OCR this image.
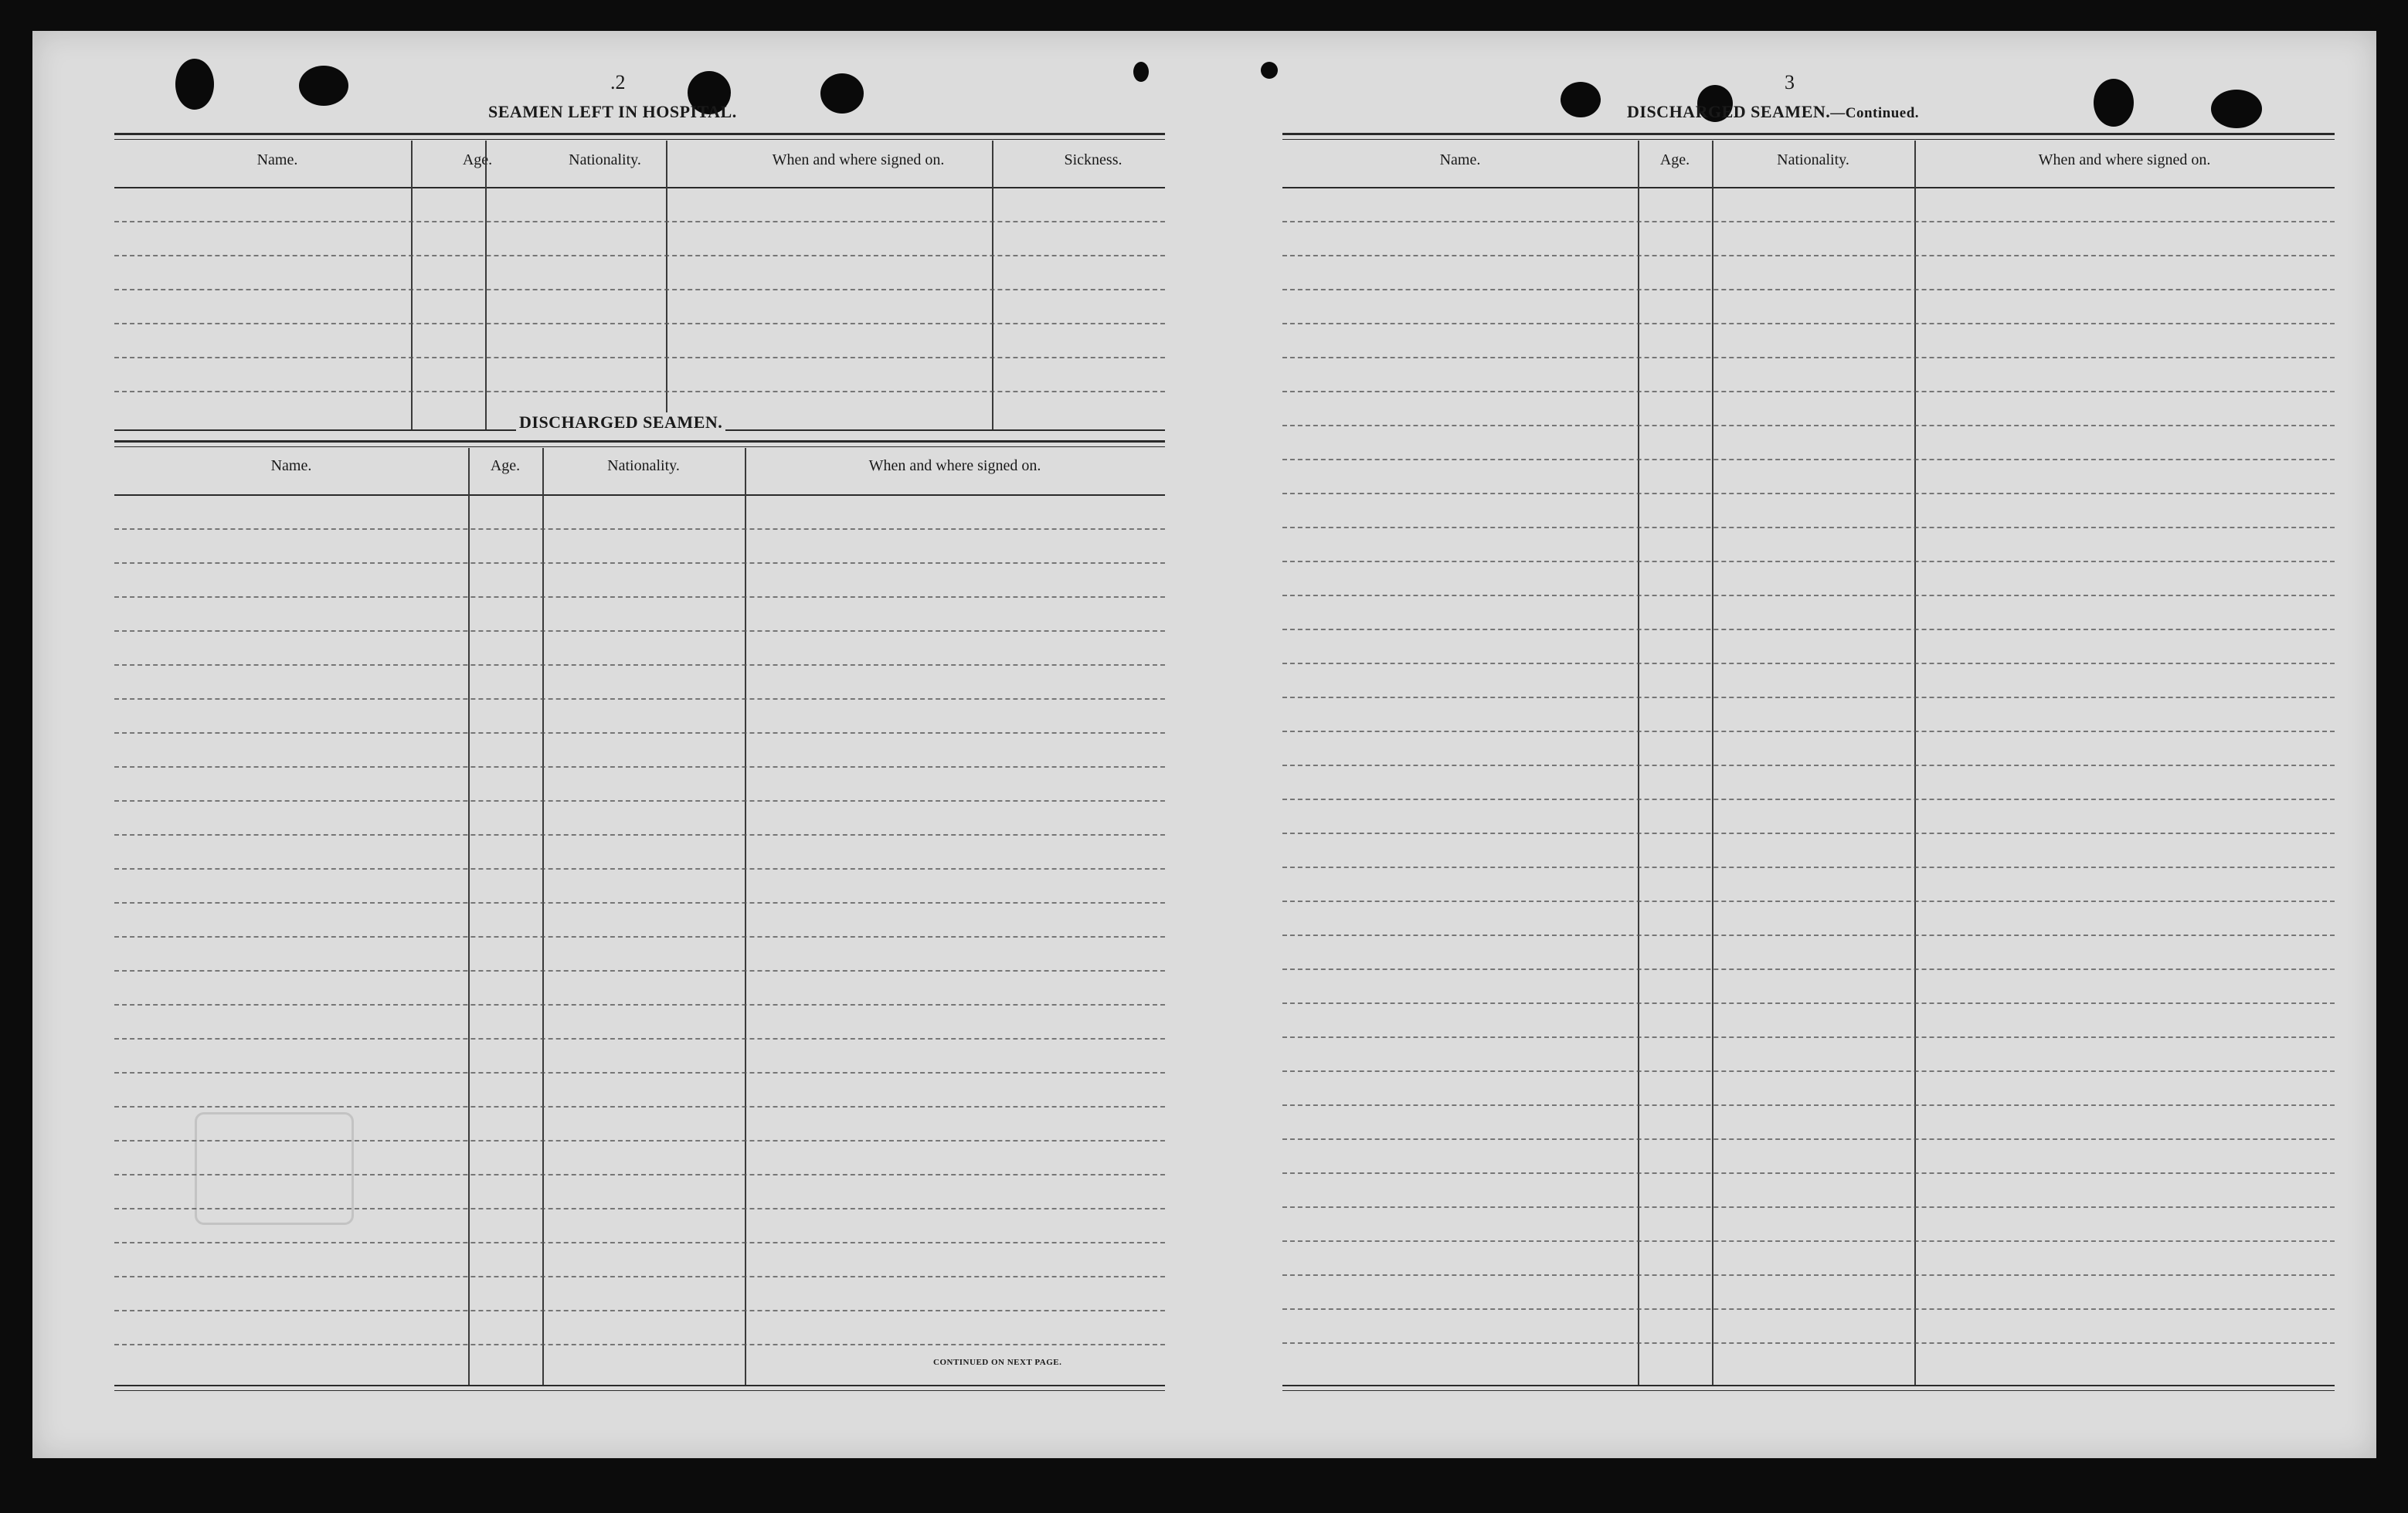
.2
SEAMEN LEFT IN HOSPITAL.
Name.	Age.	Nationality.	When and where signed on.	Sickness.
DISCHARGED SEAMEN.
Name.	Age.	Nationality.	When and where signed on.
CONTINUED ON NEXT PAGE.
3
DISCHARGED SEAMEN.—Continued.
Name.	Age.	Nationality.	When and where signed on.
